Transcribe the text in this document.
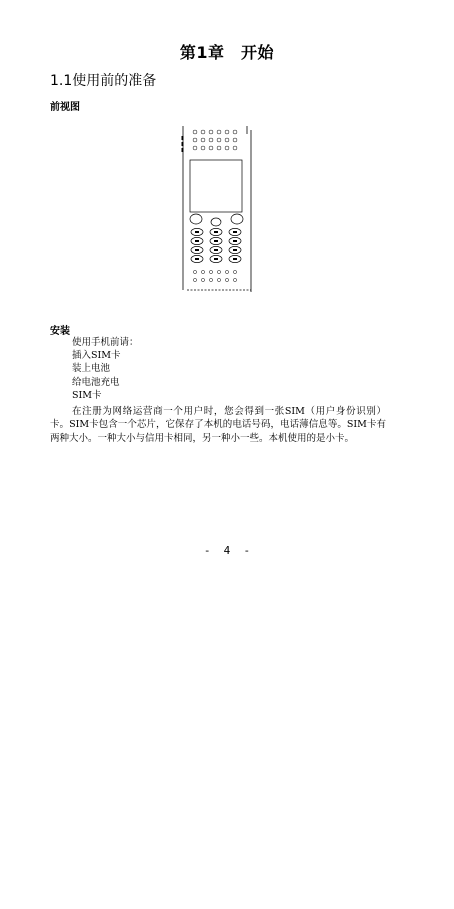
第1章　开始
1.1使用前的准备
前视图
安装
使用手机前请：
插入SIM卡
装上电池
给电池充电
SIM卡
在注册为网络运营商一个用户时，您会得到一张SIM（用户身份识别）卡。SIM卡包含一个芯片，它保存了本机的电话号码，电话薄信息等。SIM卡有两种大小。一种大小与信用卡相同，另一种小一些。本机使用的是小卡。
-  4  -
